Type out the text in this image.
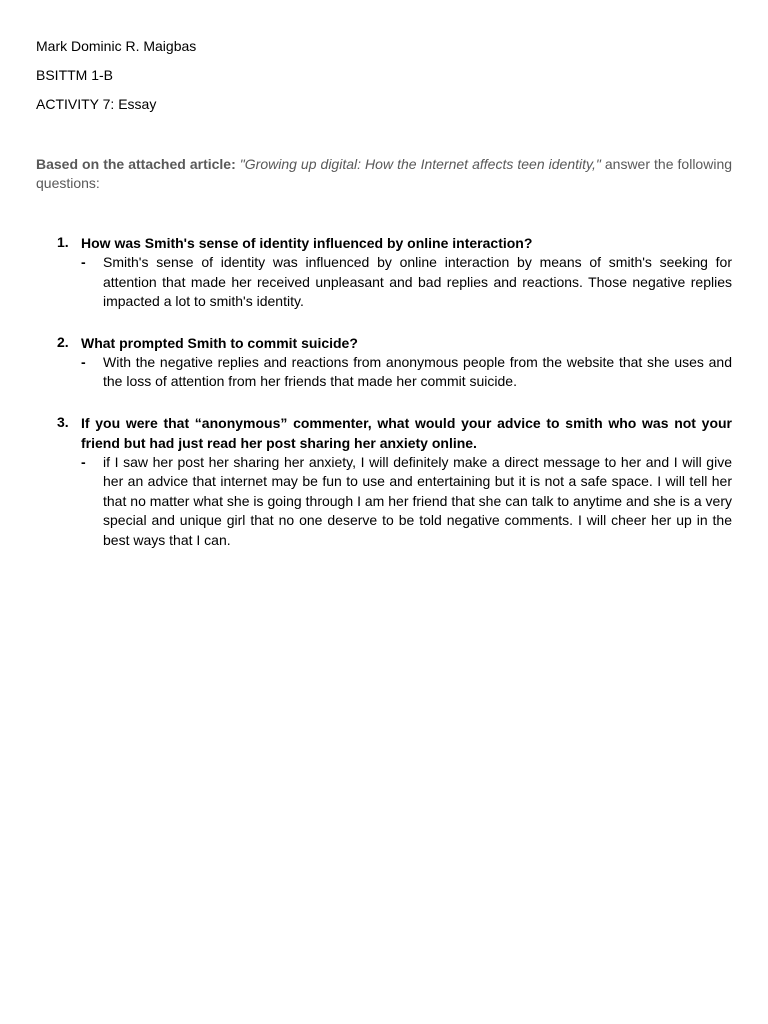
Mark Dominic R. Maigbas

BSITTM 1-B

ACTIVITY 7: Essay

Based on the attached article: "Growing up digital: How the Internet affects teen identity," answer the following questions:

1. How was Smith's sense of identity influenced by online interaction?

- Smith's sense of identity was influenced by online interaction by means of smith's seeking for attention that made her received unpleasant and bad replies and reactions. Those negative replies impacted a lot to smith's identity.

2. What prompted Smith to commit suicide?

- With the negative replies and reactions from anonymous people from the website that she uses and the loss of attention from her friends that made her commit suicide.

3. If you were that “anonymous” commenter, what would your advice to smith who was not your friend but had just read her post sharing her anxiety online.

- if I saw her post her sharing her anxiety, I will definitely make a direct message to her and I will give her an advice that internet may be fun to use and entertaining but it is not a safe space. I will tell her that no matter what she is going through I am her friend that she can talk to anytime and she is a very special and unique girl that no one deserve to be told negative comments. I will cheer her up in the best ways that I can.
